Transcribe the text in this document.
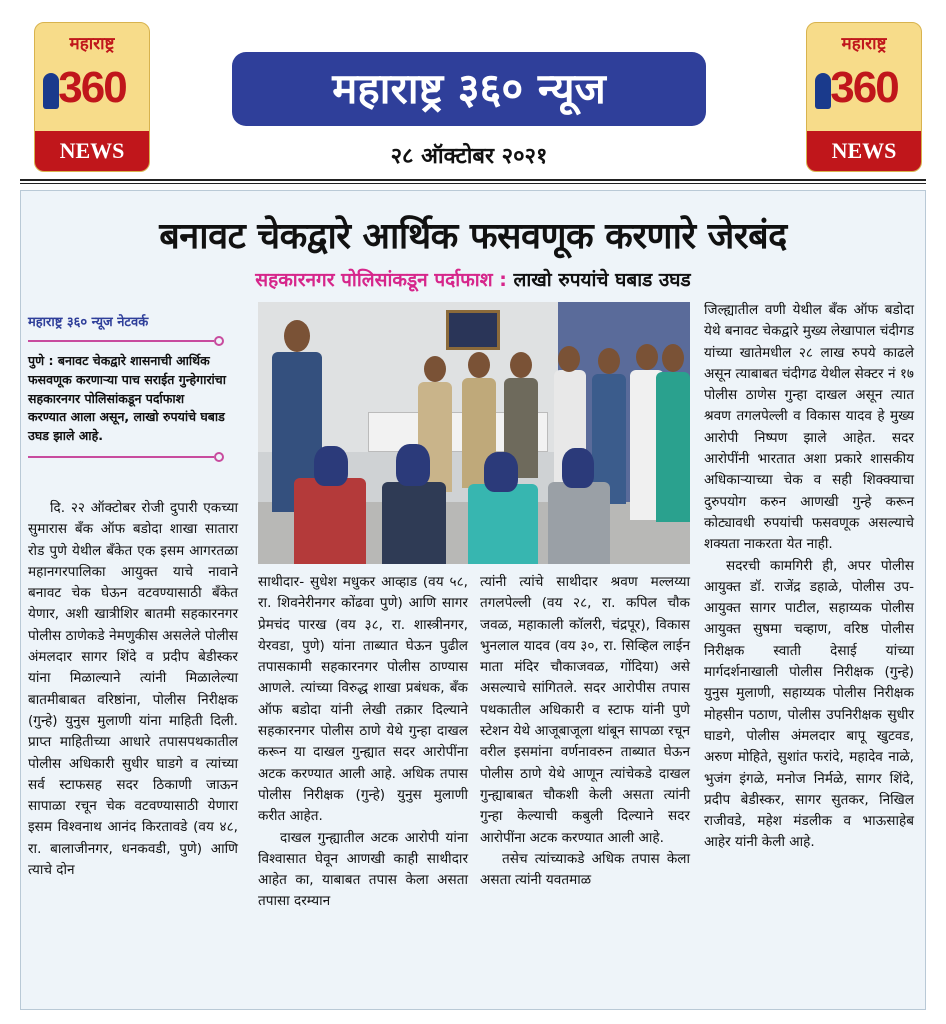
महाराष्ट्र
360
NEWS
महाराष्ट्र ३६० न्यूज
२८ ऑक्टोबर २०२१
महाराष्ट्र
360
NEWS
बनावट चेकद्वारे आर्थिक फसवणूक करणारे जेरबंद
सहकारनगर पोलिसांकडून पर्दाफाश : लाखो रुपयांचे घबाड उघड
महाराष्ट्र ३६० न्यूज नेटवर्क
पुणे : बनावट चेकद्वारे शासनाची आर्थिक फसवणूक करणाऱ्या पाच सराईत गुन्हेगारांचा सहकारनगर पोलिसांकडून पर्दाफाश करण्यात आला असून, लाखो रुपयांचे घबाड उघड झाले आहे.

दि. २२ ऑक्टोबर रोजी दुपारी एकच्या सुमारास बँक ऑफ बडोदा शाखा सातारा रोड पुणे येथील बँकेत एक इसम आगरतळा महानगरपालिका आयुक्त याचे नावाने बनावट चेक घेऊन वटवण्यासाठी बँकेत येणार, अशी खात्रीशिर बातमी सहकारनगर पोलीस ठाणेकडे नेमणुकीस असलेले पोलीस अंमलदार सागर शिंदे व प्रदीप बेडीस्कर यांना मिळाल्याने त्यांनी मिळालेल्या बातमीबाबत वरिष्ठांना, पोलीस निरीक्षक (गुन्हे) युनुस मुलाणी यांना माहिती दिली. प्राप्त माहितीच्या आधारे तपासपथकातील पोलीस अधिकारी सुधीर घाडगे व त्यांच्या सर्व स्टाफसह सदर ठिकाणी जाऊन सापाळा रचून चेक वटवण्यासाठी येणारा इसम विश्वनाथ आनंद किरतावडे (वय ४८, रा. बालाजीनगर, धनकवडी, पुणे) आणि त्याचे दोन

साथीदार- सुधेश मधुकर आव्हाड (वय ५८, रा. शिवनेरीनगर कोंढवा पुणे) आणि सागर प्रेमचंद पारख (वय ३८, रा. शास्त्रीनगर, येरवडा, पुणे) यांना ताब्यात घेऊन पुढील तपासकामी सहकारनगर पोलीस ठाण्यास आणले. त्यांच्या विरुद्ध शाखा प्रबंधक, बँक ऑफ बडोदा यांनी लेखी तक्रार दिल्याने सहकारनगर पोलीस ठाणे येथे गुन्हा दाखल करून या दाखल गुन्ह्यात सदर आरोपींना अटक करण्यात आली आहे. अधिक तपास पोलीस निरीक्षक (गुन्हे) युनुस मुलाणी करीत आहेत.

दाखल गुन्ह्यातील अटक आरोपी यांना विश्वासात घेवून आणखी काही साथीदार आहेत का, याबाबत तपास केला असता तपासा दरम्यान

त्यांनी त्यांचे साथीदार श्रवण मल्लय्या तगलपेल्ली (वय २८, रा. कपिल चौक जवळ, महाकाली कॉलरी, चंद्रपूर), विकास भुनलाल यादव (वय ३०, रा. सिव्हिल लाईन माता मंदिर चौकाजवळ, गोंदिया) असे असल्याचे सांगितले. सदर आरोपीस तपास पथकातील अधिकारी व स्टाफ यांनी पुणे स्टेशन येथे आजूबाजूला थांबून सापळा रचून वरील इसमांना वर्णनावरुन ताब्यात घेऊन पोलीस ठाणे येथे आणून त्यांचेकडे दाखल गुन्ह्याबाबत चौकशी केली असता त्यांनी गुन्हा केल्याची कबुली दिल्याने सदर आरोपींना अटक करण्यात आली आहे.

तसेच त्यांच्याकडे अधिक तपास केला असता त्यांनी यवतमाळ

जिल्ह्यातील वणी येथील बँक ऑफ बडोदा येथे बनावट चेकद्वारे मुख्य लेखापाल चंदीगड यांच्या खातेमधील २८ लाख रुपये काढले असून त्याबाबत चंदीगढ येथील सेक्टर नं १७ पोलीस ठाणेस गुन्हा दाखल असून त्यात श्रवण तगलपेल्ली व विकास यादव हे मुख्य आरोपी निष्पण झाले आहेत. सदर आरोपींनी भारतात अशा प्रकारे शासकीय अधिकाऱ्याच्या चेक व सही शिक्क्याचा दुरुपयोग करुन आणखी गुन्हे करून कोट्यावधी रुपयांची फसवणूक असल्याचे शक्यता नाकरता येत नाही.

सदरची कामगिरी ही, अपर पोलीस आयुक्त डॉ. राजेंद्र डहाळे, पोलीस उप-आयुक्त सागर पाटील, सहाय्यक पोलीस आयुक्त सुषमा चव्हाण, वरिष्ठ पोलीस निरीक्षक स्वाती देसाई यांच्या मार्गदर्शनाखाली पोलीस निरीक्षक (गुन्हे) युनुस मुलाणी, सहाय्यक पोलीस निरीक्षक मोहसीन पठाण, पोलीस उपनिरीक्षक सुधीर घाडगे, पोलीस अंमलदार बापू खुटवड, अरुण मोहिते, सुशांत फरांदे, महादेव नाळे, भुजंग इंगळे, मनोज निर्मळे, सागर शिंदे, प्रदीप बेडीस्कर, सागर सुतकर, निखिल राजीवडे, महेश मंडलीक व भाऊसाहेब आहेर यांनी केली आहे.
